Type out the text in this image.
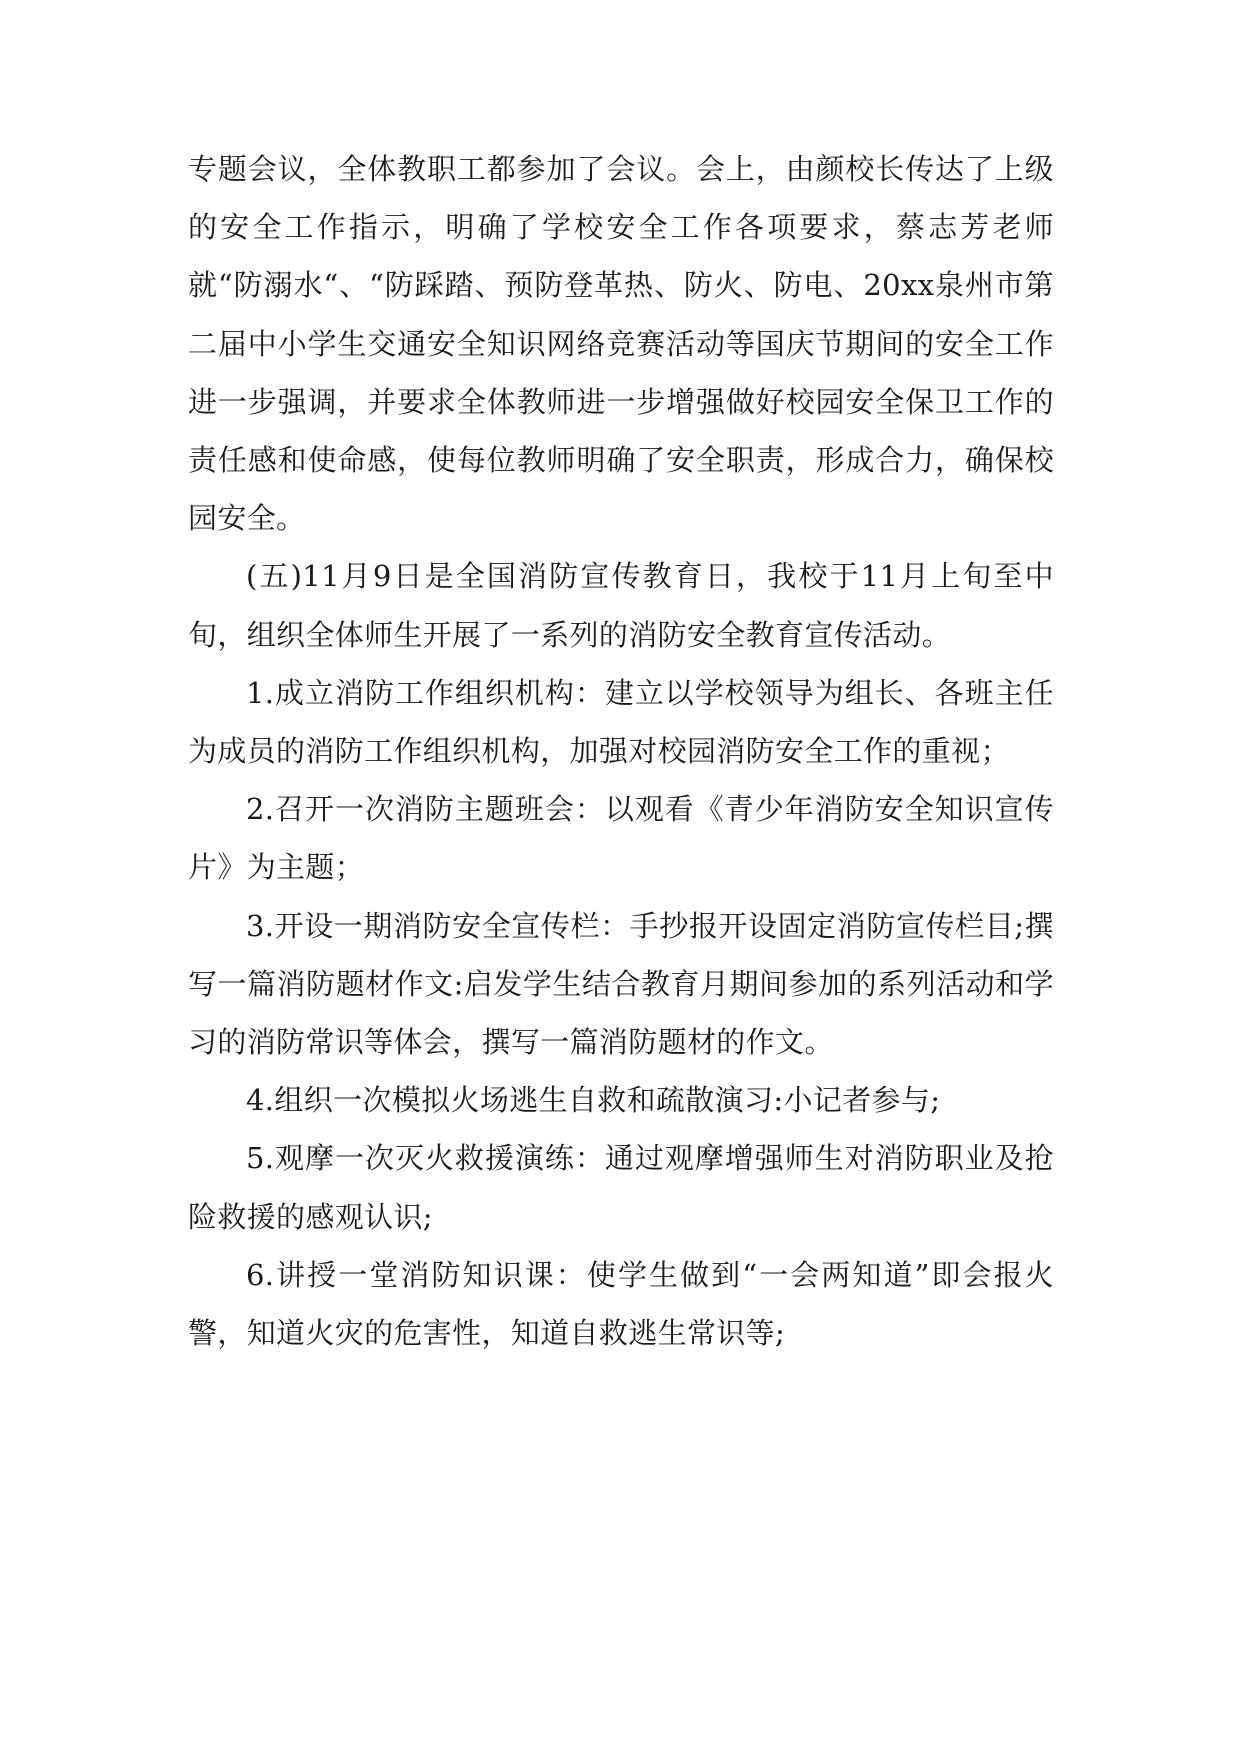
专题会议，全体教职工都参加了会议。会上，由颜校长传达了上级的安全工作指示，明确了学校安全工作各项要求，蔡志芳老师就“防溺水“、“防踩踏、预防登革热、防火、防电、20xx泉州市第二届中小学生交通安全知识网络竞赛活动等国庆节期间的安全工作进一步强调，并要求全体教师进一步增强做好校园安全保卫工作的责任感和使命感，使每位教师明确了安全职责，形成合力，确保校园安全。

(五)11月9日是全国消防宣传教育日，我校于11月上旬至中旬，组织全体师生开展了一系列的消防安全教育宣传活动。

1.成立消防工作组织机构：建立以学校领导为组长、各班主任为成员的消防工作组织机构，加强对校园消防安全工作的重视；

2.召开一次消防主题班会：以观看《青少年消防安全知识宣传片》为主题；

3.开设一期消防安全宣传栏：手抄报开设固定消防宣传栏目;撰写一篇消防题材作文:启发学生结合教育月期间参加的系列活动和学习的消防常识等体会，撰写一篇消防题材的作文。

4.组织一次模拟火场逃生自救和疏散演习:小记者参与;

5.观摩一次灭火救援演练：通过观摩增强师生对消防职业及抢险救援的感观认识;

6.讲授一堂消防知识课：使学生做到“一会两知道”即会报火警，知道火灾的危害性，知道自救逃生常识等;
